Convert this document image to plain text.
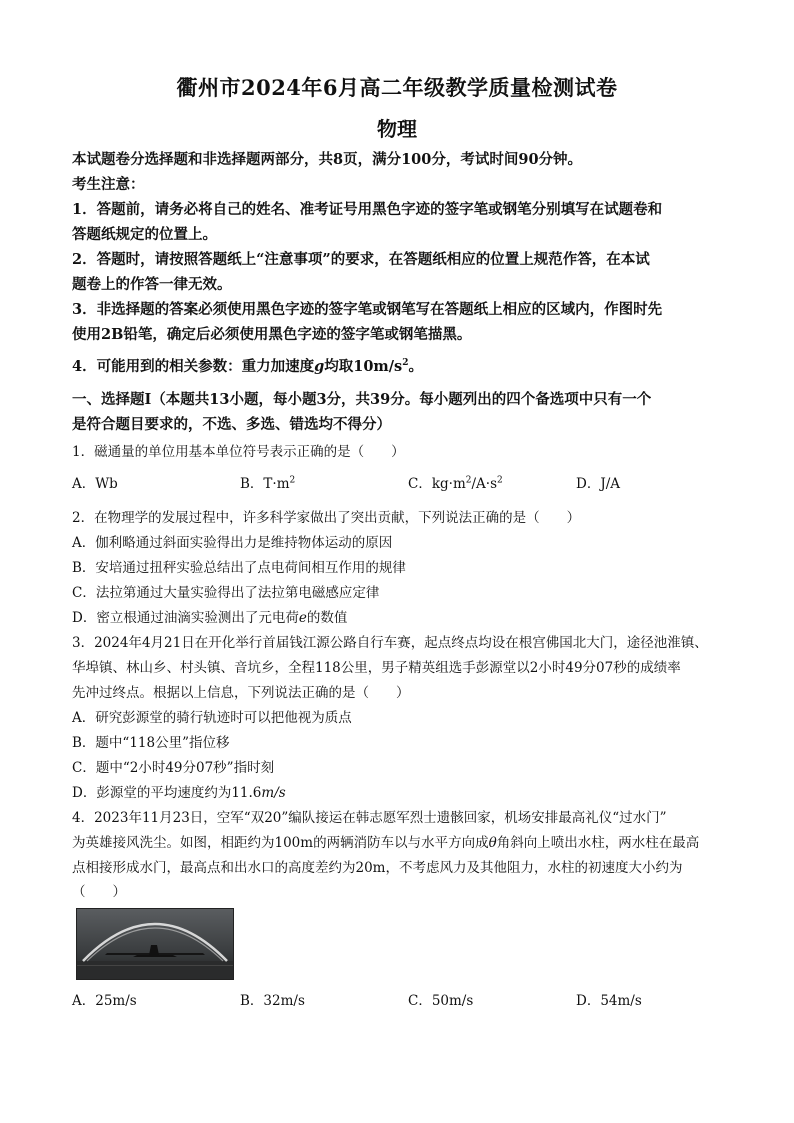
衢州市2024年6月高二年级教学质量检测试卷
物理
本试题卷分选择题和非选择题两部分，共8页，满分100分，考试时间90分钟。
考生注意：
1．答题前，请务必将自己的姓名、准考证号用黑色字迹的签字笔或钢笔分别填写在试题卷和
答题纸规定的位置上。
2．答题时，请按照答题纸上“注意事项”的要求，在答题纸相应的位置上规范作答，在本试
题卷上的作答一律无效。
3．非选择题的答案必须使用黑色字迹的签字笔或钢笔写在答题纸上相应的区域内，作图时先
使用2B铅笔，确定后必须使用黑色字迹的签字笔或钢笔描黑。
4．可能用到的相关参数：重力加速度g均取$10m/s^2$。
一、选择题Ⅰ（本题共13小题，每小题3分，共39分。每小题列出的四个备选项中只有一个
是符合题目要求的，不选、多选、错选均不得分）
1．磁通量的单位用基本单位符号表示正确的是（　　）
A．Wb	B．$T\cdot m^2$	C．$kg\cdot m^2/A\cdot s^2$	D．J/A
2．在物理学的发展过程中，许多科学家做出了突出贡献，下列说法正确的是（　　）
A．伽利略通过斜面实验得出力是维持物体运动的原因
B．安培通过扭秤实验总结出了点电荷间相互作用的规律
C．法拉第通过大量实验得出了法拉第电磁感应定律
D．密立根通过油滴实验测出了元电荷e的数值
3．2024年4月21日在开化举行首届钱江源公路自行车赛，起点终点均设在根宫佛国北大门，途径池淮镇、
华埠镇、林山乡、村头镇、音坑乡，全程118公里，男子精英组选手彭源堂以2小时49分07秒的成绩率
先冲过终点。根据以上信息，下列说法正确的是（　　）
A．研究彭源堂的骑行轨迹时可以把他视为质点
B．题中“118公里”指位移
C．题中“2小时49分07秒”指时刻
D．彭源堂的平均速度约为11.6m/s
4．2023年11月23日，空军“双20”编队接运在韩志愿军烈士遗骸回家，机场安排最高礼仪“过水门”
为英雄接风洗尘。如图，相距约为100m的两辆消防车以与水平方向成θ角斜向上喷出水柱，两水柱在最高
点相接形成水门，最高点和出水口的高度差约为20m，不考虑风力及其他阻力，水柱的初速度大小约为
（　　）
A．25m/s	B．32m/s	C．50m/s	D．54m/s
